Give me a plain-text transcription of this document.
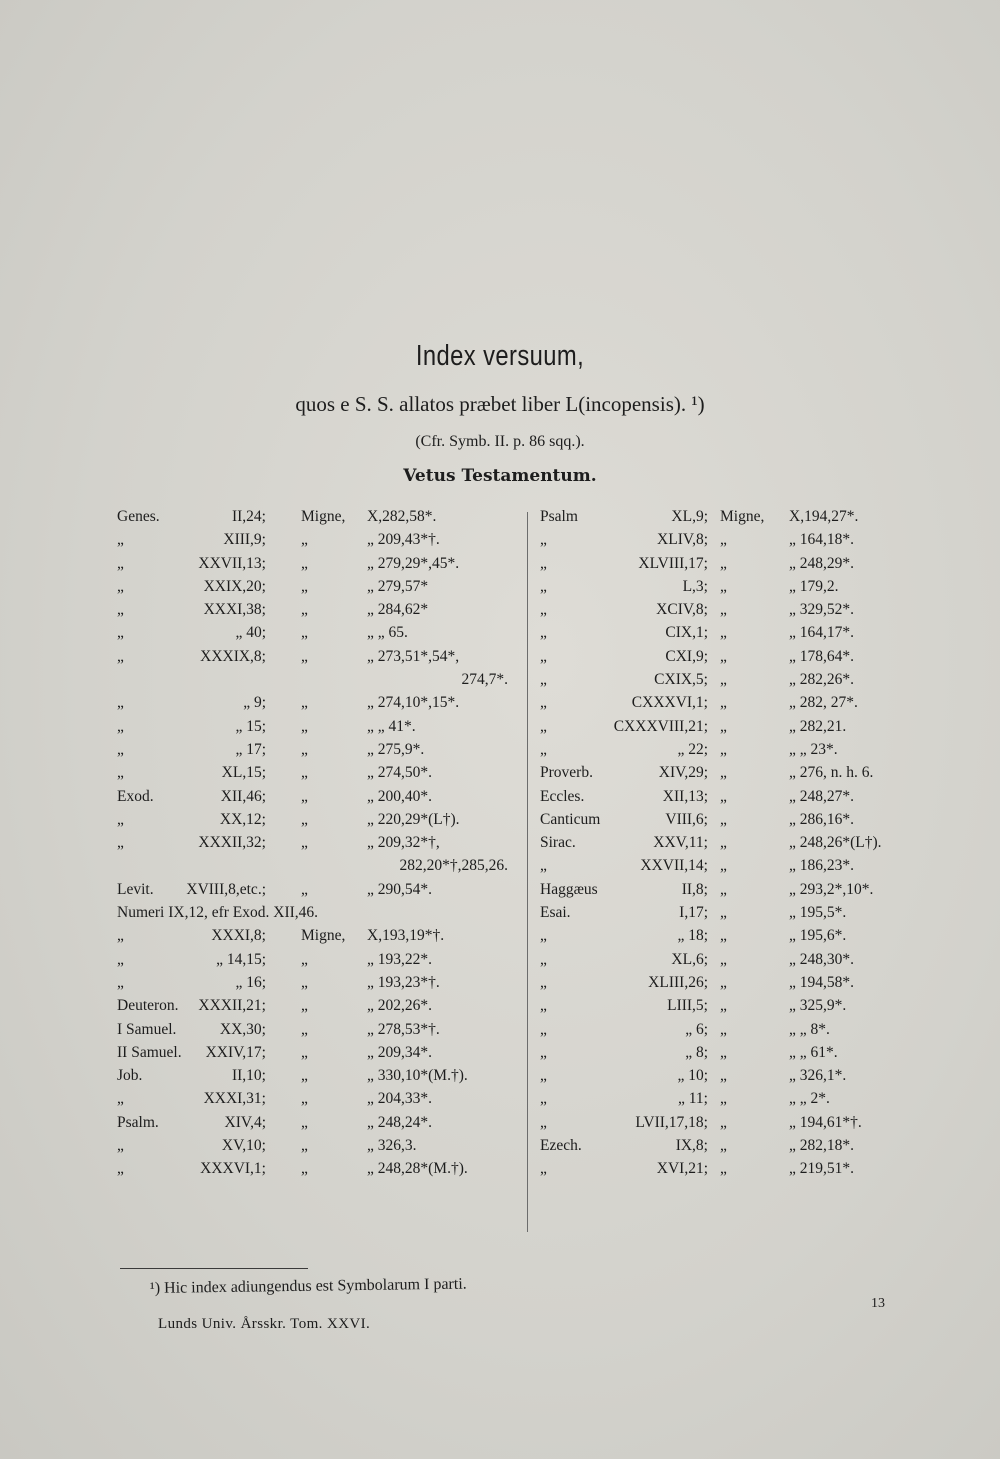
Index versuum,
quos e S. S. allatos præbet liber L(incopensis). ¹)
(Cfr. Symb. II. p. 86 sqq.).
Vetus Testamentum.
Genes.	II,24; Migne, X,282,58*.
„	XIII,9; „	„ 209,43*†.
„	XXVII,13; „	„ 279,29*,45*.
„	XXIX,20; „	„ 279,57*
„	XXXI,38; „	„ 284,62*
„	„ 40; „	„ „ 65.
„	XXXIX,8; „	„ 273,51*,54*,
274,7*.
„	„ 9; „	„ 274,10*,15*.
„	„ 15; „	„ „ 41*.
„	„ 17; „	„ 275,9*.
„	XL,15; „	„ 274,50*.
Exod.	XII,46; „	„ 200,40*.
„	XX,12; „	„ 220,29*(L†).
„	XXXII,32; „	„ 209,32*†,
282,20*†,285,26.
Levit. XVIII,8,etc.; „	„ 290,54*.
Numeri IX,12, efr Exod. XII,46.
„	XXXI,8; Migne, X,193,19*†.
„	„ 14,15; „	„ 193,22*.
„	„ 16; „	„ 193,23*†.
Deuteron. XXXII,21; „	„ 202,26*.
I Samuel.	XX,30; „	„ 278,53*†.
II Samuel. XXIV,17; „	„ 209,34*.
Job.	II,10; „	„ 330,10*(M.†).
„	XXXI,31; „	„ 204,33*.
Psalm.	XIV,4; „	„ 248,24*.
„	XV,10; „	„ 326,3.
„	XXXVI,1; „	„ 248,28*(M.†).
Psalm	XL,9; Migne, X,194,27*.
„	XLIV,8; „	„ 164,18*.
„	XLVIII,17; „	„ 248,29*.
„	L,3; „	„ 179,2.
„	XCIV,8; „	„ 329,52*.
„	CIX,1; „	„ 164,17*.
„	CXI,9; „	„ 178,64*.
„	CXIX,5; „	„ 282,26*.
„	CXXXVI,1; „	„ 282, 27*.
„	CXXXVIII,21; „	„ 282,21.
„	„ 22; „	„ „ 23*.
Proverb.	XIV,29; „	„ 276, n. h. 6.
Eccles.	XII,13; „	„ 248,27*.
Canticum	VIII,6; „	„ 286,16*.
Sirac.	XXV,11; „	„ 248,26*(L†).
„	XXVII,14; „	„ 186,23*.
Haggæus	II,8; „	„ 293,2*,10*.
Esai.	I,17; „	„ 195,5*.
„	„ 18; „	„ 195,6*.
„	XL,6; „	„ 248,30*.
„	XLIII,26; „	„ 194,58*.
„	LIII,5; „	„ 325,9*.
„	„ 6; „	„ „ 8*.
„	„ 8; „	„ „ 61*.
„	„ 10; „	„ 326,1*.
„	„ 11; „	„ „ 2*.
„	LVII,17,18; „	„ 194,61*†.
Ezech.	IX,8; „	„ 282,18*.
„	XVI,21; „	„ 219,51*.
¹) Hic index adiungendus est Symbolarum I parti.
Lunds Univ. Årsskr. Tom. XXVI.
13
